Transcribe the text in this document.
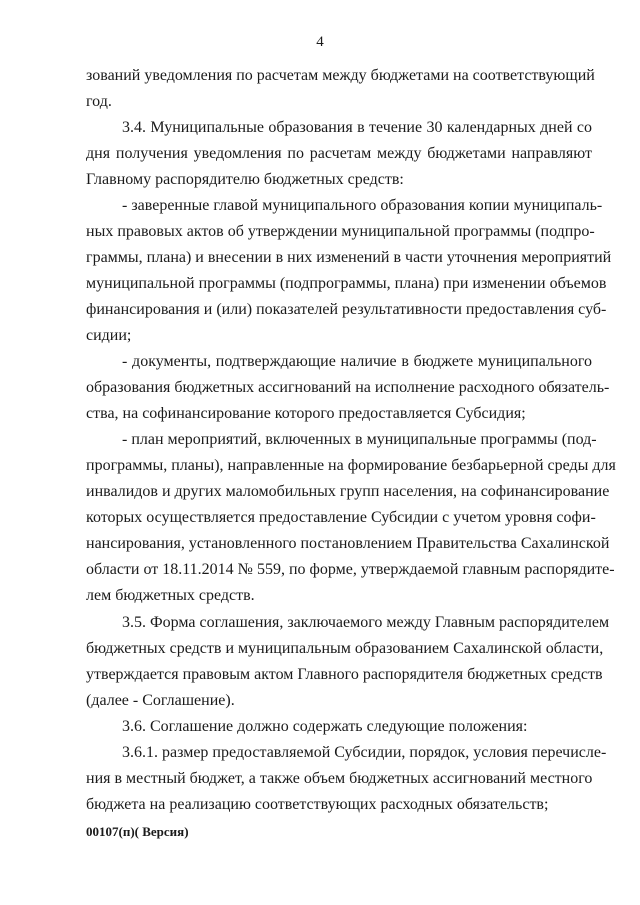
4
зований уведомления по расчетам между бюджетами на соответствующий
год.
3.4. Муниципальные образования в течение 30 календарных дней со
дня получения уведомления по расчетам между бюджетами направляют
Главному распорядителю бюджетных средств:
- заверенные главой муниципального образования копии муниципаль-
ных правовых актов об утверждении муниципальной программы (подпро-
граммы, плана) и внесении в них изменений в части уточнения мероприятий
муниципальной программы (подпрограммы, плана) при изменении объемов
финансирования и (или) показателей результативности предоставления суб-
сидии;
- документы, подтверждающие наличие в бюджете муниципального
образования бюджетных ассигнований на исполнение расходного обязатель-
ства, на софинансирование которого предоставляется Субсидия;
- план мероприятий, включенных в муниципальные программы (под-
программы, планы), направленные на формирование безбарьерной среды для
инвалидов и других маломобильных групп населения, на софинансирование
которых осуществляется предоставление Субсидии с учетом уровня софи-
нансирования, установленного постановлением Правительства Сахалинской
области от 18.11.2014 № 559, по форме, утверждаемой главным распорядите-
лем бюджетных средств.
3.5. Форма соглашения, заключаемого между Главным распорядителем
бюджетных средств и муниципальным образованием Сахалинской области,
утверждается правовым актом Главного распорядителя бюджетных средств
(далее - Соглашение).
3.6. Соглашение должно содержать следующие положения:
3.6.1. размер предоставляемой Субсидии, порядок, условия перечисле-
ния в местный бюджет, а также объем бюджетных ассигнований местного
бюджета на реализацию соответствующих расходных обязательств;
00107(п)( Версия)
